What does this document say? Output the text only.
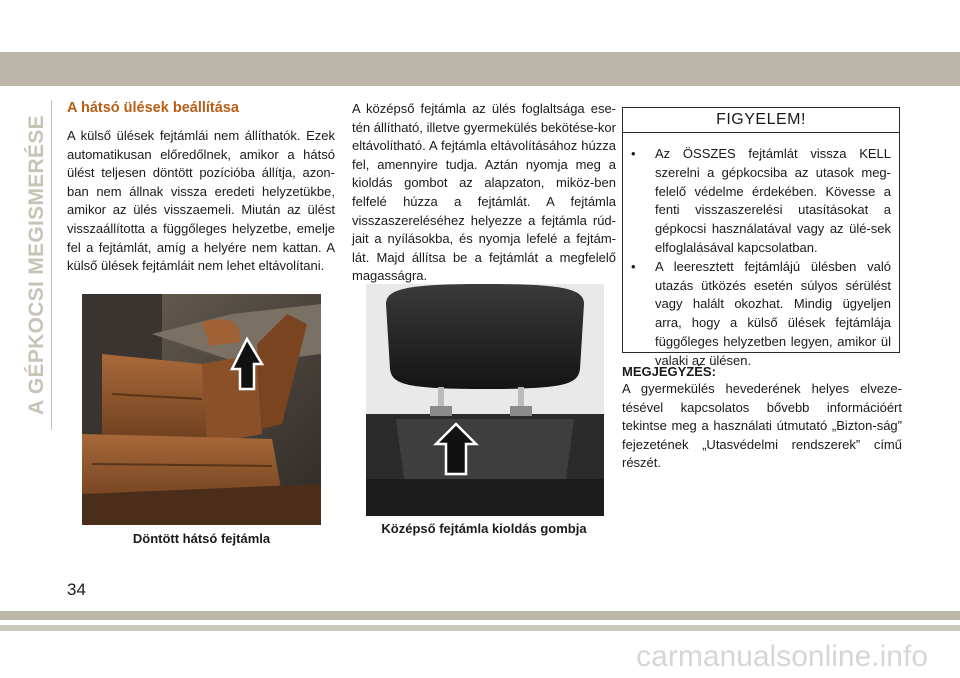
A GÉPKOCSI MEGISMERÉSE
A hátsó ülések beállítása

A külső ülések fejtámlái nem állíthatók. Ezek automatikusan előredőlnek, amikor a hátsó ülést teljesen döntött pozícióba állítja, azon-ban nem állnak vissza eredeti helyzetükbe, amikor az ülés visszaemeli. Miután az ülést visszaállította a függőleges helyzetbe, emelje fel a fejtámlát, amíg a helyére nem kattan. A külső ülések fejtámláit nem lehet eltávolítani.

A középső fejtámla az ülés foglaltsága ese-tén állítható, illetve gyermekülés bekötése-kor eltávolítható. A fejtámla eltávolításához húzza fel, amennyire tudja. Aztán nyomja meg a kioldás gombot az alapzaton, miköz-ben felfelé húzza a fejtámlát. A fejtámla visszaszereléséhez helyezze a fejtámla rúd-jait a nyílásokba, és nyomja lefelé a fejtám-lát. Majd állítsa be a fejtámlát a megfelelő magasságra.

Döntött hátsó fejtámla
Középső fejtámla kioldás gombja
FIGYELEM!
• Az ÖSSZES fejtámlát vissza KELL szerelni a gépkocsiba az utasok meg-felelő védelme érdekében. Kövesse a fenti visszaszerelési utasításokat a gépkocsi használatával vagy az ülé-sek elfoglalásával kapcsolatban.
• A leeresztett fejtámlájú ülésben való utazás ütközés esetén súlyos sérülést vagy halált okozhat. Mindig ügyeljen arra, hogy a külső ülések fejtámlája függőleges helyzetben legyen, amikor ül valaki az ülésen.

MEGJEGYZÉS:

A gyermekülés hevederének helyes elveze-tésével kapcsolatos bővebb információért tekintse meg a használati útmutató „Bizton-ság” fejezetének „Utasvédelmi rendszerek” című részét.

34
carmanualsonline.info
